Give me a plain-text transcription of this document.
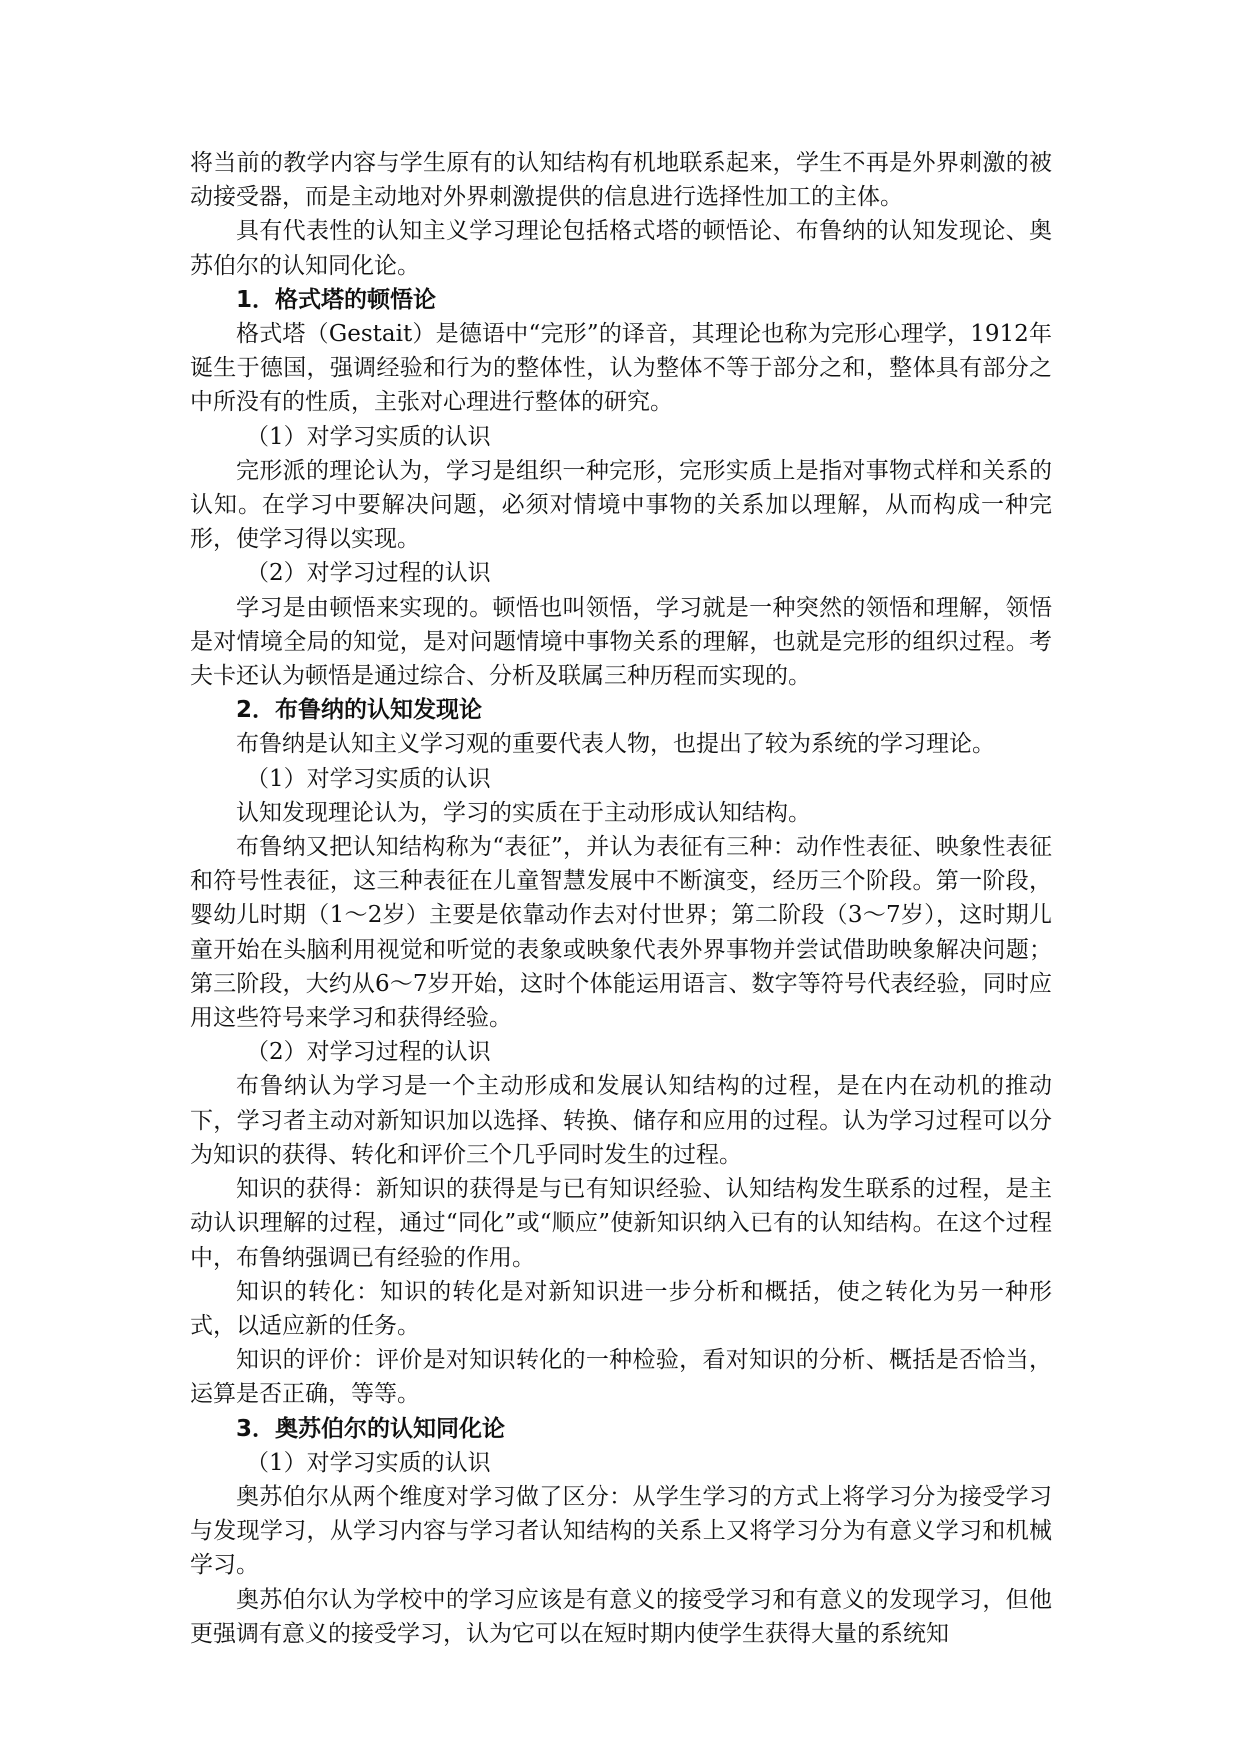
将当前的教学内容与学生原有的认知结构有机地联系起来，学生不再是外界刺激的被动接受器，而是主动地对外界刺激提供的信息进行选择性加工的主体。

具有代表性的认知主义学习理论包括格式塔的顿悟论、布鲁纳的认知发现论、奥苏伯尔的认知同化论。

1．格式塔的顿悟论

格式塔（Gestait）是德语中“完形”的译音，其理论也称为完形心理学，1912年诞生于德国，强调经验和行为的整体性，认为整体不等于部分之和，整体具有部分之中所没有的性质，主张对心理进行整体的研究。

（1）对学习实质的认识

完形派的理论认为，学习是组织一种完形，完形实质上是指对事物式样和关系的认知。在学习中要解决问题，必须对情境中事物的关系加以理解，从而构成一种完形，使学习得以实现。

（2）对学习过程的认识

学习是由顿悟来实现的。顿悟也叫领悟，学习就是一种突然的领悟和理解，领悟是对情境全局的知觉，是对问题情境中事物关系的理解，也就是完形的组织过程。考夫卡还认为顿悟是通过综合、分析及联属三种历程而实现的。

2．布鲁纳的认知发现论

布鲁纳是认知主义学习观的重要代表人物，也提出了较为系统的学习理论。

（1）对学习实质的认识

认知发现理论认为，学习的实质在于主动形成认知结构。

布鲁纳又把认知结构称为“表征”，并认为表征有三种：动作性表征、映象性表征和符号性表征，这三种表征在儿童智慧发展中不断演变，经历三个阶段。第一阶段，婴幼儿时期（1～2岁）主要是依靠动作去对付世界；第二阶段（3～7岁），这时期儿童开始在头脑利用视觉和听觉的表象或映象代表外界事物并尝试借助映象解决问题；第三阶段，大约从6～7岁开始，这时个体能运用语言、数字等符号代表经验，同时应用这些符号来学习和获得经验。

（2）对学习过程的认识

布鲁纳认为学习是一个主动形成和发展认知结构的过程，是在内在动机的推动下，学习者主动对新知识加以选择、转换、储存和应用的过程。认为学习过程可以分为知识的获得、转化和评价三个几乎同时发生的过程。

知识的获得：新知识的获得是与已有知识经验、认知结构发生联系的过程，是主动认识理解的过程，通过“同化”或“顺应”使新知识纳入已有的认知结构。在这个过程中，布鲁纳强调已有经验的作用。

知识的转化：知识的转化是对新知识进一步分析和概括，使之转化为另一种形式，以适应新的任务。

知识的评价：评价是对知识转化的一种检验，看对知识的分析、概括是否恰当，运算是否正确，等等。

3．奥苏伯尔的认知同化论

（1）对学习实质的认识

奥苏伯尔从两个维度对学习做了区分：从学生学习的方式上将学习分为接受学习与发现学习，从学习内容与学习者认知结构的关系上又将学习分为有意义学习和机械学习。

奥苏伯尔认为学校中的学习应该是有意义的接受学习和有意义的发现学习，但他更强调有意义的接受学习，认为它可以在短时期内使学生获得大量的系统知
